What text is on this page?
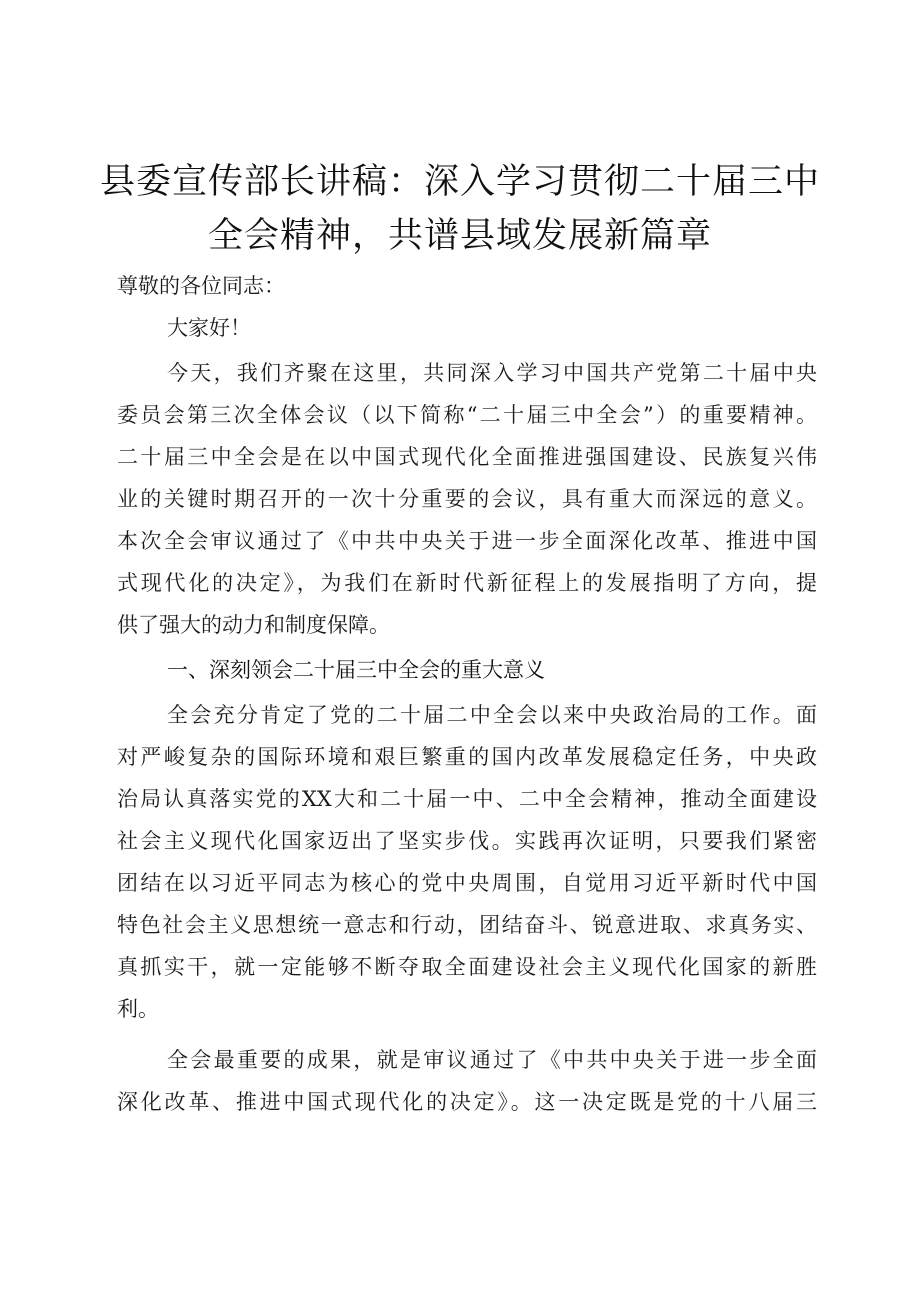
县委宣传部长讲稿：深入学习贯彻二十届三中
全会精神，共谱县域发展新篇章
尊敬的各位同志：
大家好！
今天，我们齐聚在这里，共同深入学习中国共产党第二十届中央
委员会第三次全体会议（以下简称“二十届三中全会”）的重要精神。
二十届三中全会是在以中国式现代化全面推进强国建设、民族复兴伟
业的关键时期召开的一次十分重要的会议，具有重大而深远的意义。
本次全会审议通过了《中共中央关于进一步全面深化改革、推进中国
式现代化的决定》，为我们在新时代新征程上的发展指明了方向，提
供了强大的动力和制度保障。
一、深刻领会二十届三中全会的重大意义
全会充分肯定了党的二十届二中全会以来中央政治局的工作。面
对严峻复杂的国际环境和艰巨繁重的国内改革发展稳定任务，中央政
治局认真落实党的XX大和二十届一中、二中全会精神，推动全面建设
社会主义现代化国家迈出了坚实步伐。实践再次证明，只要我们紧密
团结在以习近平同志为核心的党中央周围，自觉用习近平新时代中国
特色社会主义思想统一意志和行动，团结奋斗、锐意进取、求真务实、
真抓实干，就一定能够不断夺取全面建设社会主义现代化国家的新胜
利。
全会最重要的成果，就是审议通过了《中共中央关于进一步全面
深化改革、推进中国式现代化的决定》。这一决定既是党的十八届三
